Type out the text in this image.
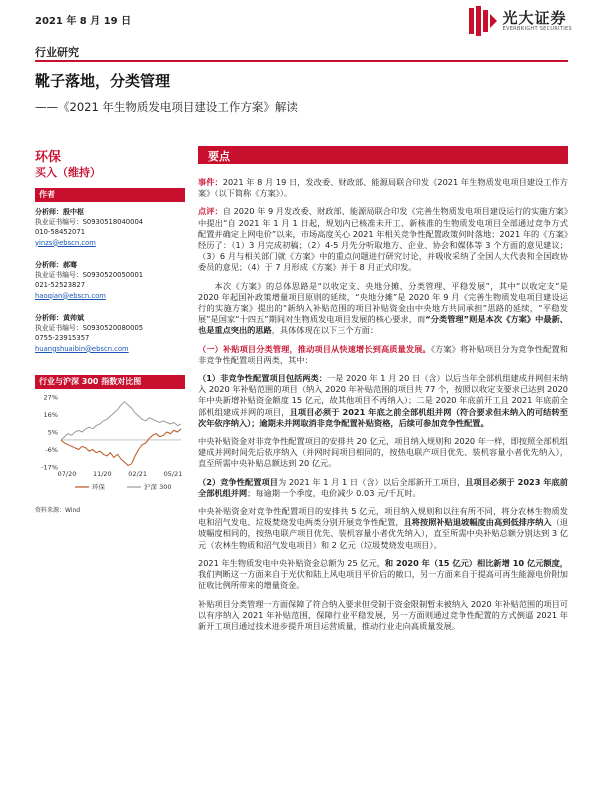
2021 年 8 月 19 日	光大证券
EVERBRIGHT SECURITIES
行业研究
靴子落地，分类管理
——《2021 年生物质发电项目建设工作方案》解读
环保
买入（维持）
作者
分析师：殷中枢
执业证书编号：S0930518040004
010-58452071
yinzs@ebscn.com
分析师：郝骞
执业证书编号：S0930520050001
021-52523827
haoqian@ebscn.com
分析师：黄帅斌
执业证书编号：S0930520080005
0755-23915357
huangshuaibin@ebscn.com
行业与沪深 300 指数对比图
27%
16%
5%
-6%
-17%
07/20	11/20	02/21	05/21
环保	沪深 300
资料来源：Wind
要点

事件：2021 年 8 月 19 日，发改委、财政部、能源局联合印发《2021 年生物质发电项目建设工作方案》（以下简称《方案》）。

点评：自 2020 年 9 月发改委、财政部、能源局联合印发《完善生物质发电项目建设运行的实施方案》中提出“自 2021 年 1 月 1 日起，规划内已核准未开工、新核准的生物质发电项目全部通过竞争方式配置并确定上网电价”以来，市场高度关心 2021 年相关竞争性配置政策何时落地；2021 年的《方案》经历了：（1）3 月完成初稿；（2）4-5 月先分听取地方、企业、协会和媒体等 3 个方面的意见建议；（3）6 月与相关部门就《方案》中的重点问题进行研究讨论，并吸收采纳了全国人大代表和全国政协委员的意见；（4）于 7 月形成《方案》并于 8 月正式印发。

本次《方案》的总体思路是“以收定支、央地分摊、分类管理、平稳发展”，其中“以收定支”是 2020 年起国补政策增量项目原则的延续，“央地分摊”是 2020 年 9 月《完善生物质发电项目建设运行的实施方案》提出的“新纳入补贴范围的项目补贴资金由中央地方共同承担”思路的延续，“平稳发展”是国家“十四五”期间对生物质发电项目发展的核心要求，而“分类管理”则是本次《方案》中最新、也是重点突出的思路，具体体现在以下三个方面：

（一）补贴项目分类管理，推动项目从快速增长到高质量发展。《方案》将补贴项目分为竞争性配置和非竞争性配置项目两类，其中：

（1）非竞争性配置项目包括两类：一是 2020 年 1 月 20 日（含）以后当年全部机组建成并网但未纳入 2020 年补贴范围的项目（纳入 2020 年补贴范围的项目共 77 个，按照以收定支要求已达到 2020 年中央新增补贴资金额度 15 亿元，故其他项目不再纳入）；二是 2020 年底前开工且 2021 年底前全部机组建成并网的项目，且项目必须于 2021 年底之前全部机组并网（符合要求但未纳入的可结转至次年依序纳入）；逾期未并网取消非竞争配置补贴资格，后续可参加竞争性配置。

中央补贴资金对非竞争性配置项目的安排共 20 亿元，项目纳入规则和 2020 年一样，即按照全部机组建成并网时间先后依序纳入（并网时间项目相同的，按热电联产项目优先、装机容量小者优先纳入），直至所需中央补贴总额达到 20 亿元。

（2）竞争性配置项目为 2021 年 1 月 1 日（含）以后全部新开工项目，且项目必须于 2023 年底前全部机组并网；每逾期一个季度，电价减少 0.03 元/千瓦时。

中央补贴资金对竞争性配置项目的安排共 5 亿元，项目纳入规则和以往有所不同，将分农林生物质发电和沼气发电、垃圾焚烧发电两类分别开展竞争性配置，且将按照补贴退坡幅度由高到低排序纳入（退坡幅度相同的，按热电联产项目优先、装机容量小者优先纳入），直至所需中央补贴总额分别达到 3 亿元（农林生物质和沼气发电项目）和 2 亿元（垃圾焚烧发电项目）。

2021 年生物质发电中央补贴资金总额为 25 亿元，和 2020 年（15 亿元）相比新增 10 亿元额度，我们判断这一方面来自于光伏和陆上风电项目平价后的敞口，另一方面来自于提高可再生能源电价附加征收比例所带来的增量资金。

补贴项目分类管理一方面保障了符合纳入要求但受制于资金限制暂未被纳入 2020 年补贴范围的项目可以有序纳入 2021 年补贴范围，保障行业平稳发展，另一方面则通过竞争性配置的方式倒逼 2021 年新开工项目通过技术进步提升项目运营质量，推动行业走向高质量发展。
